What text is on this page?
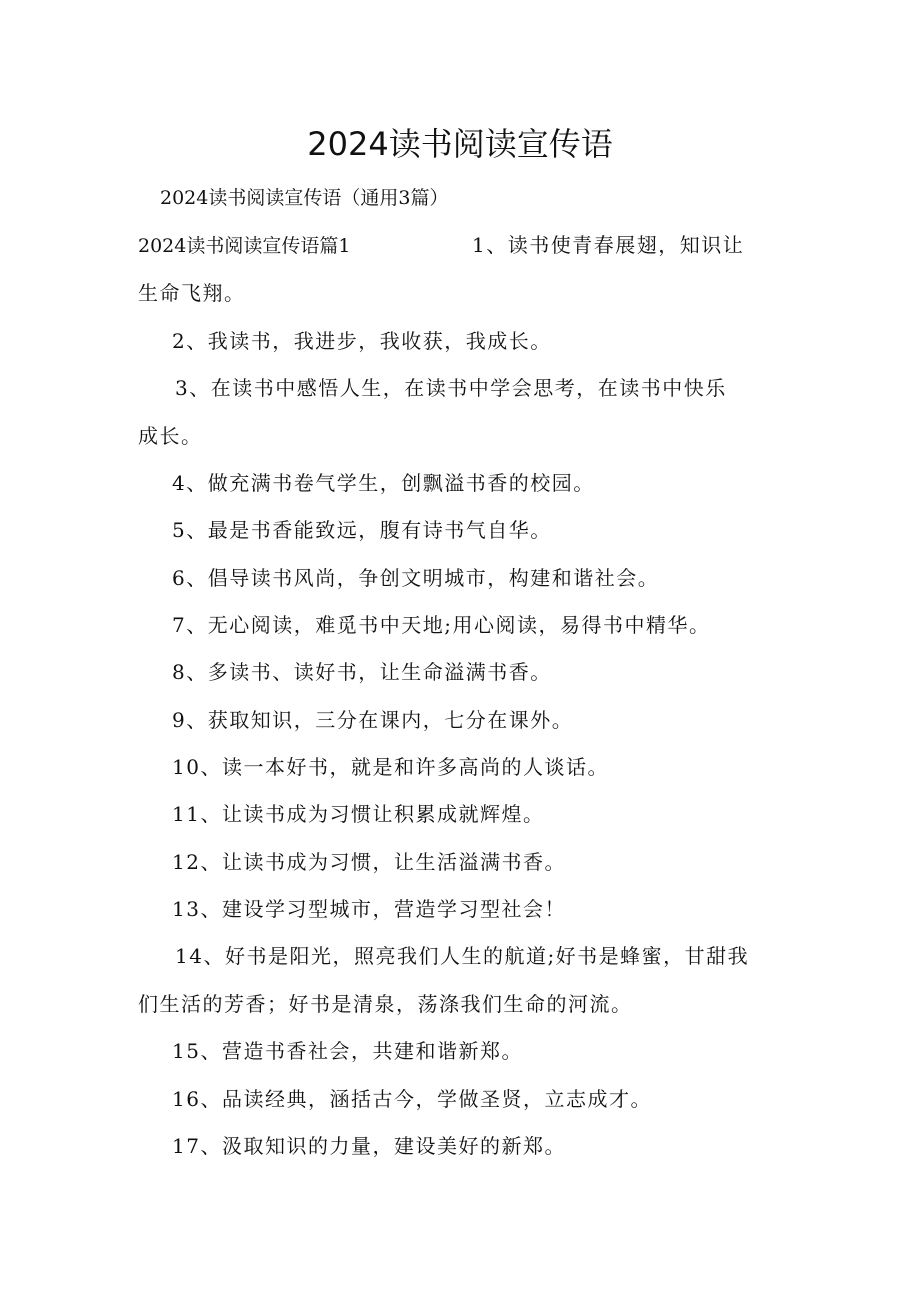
2024读书阅读宣传语
2024读书阅读宣传语（通用3篇）
2024读书阅读宣传语篇1	1、读书使青春展翅，知识让
生命飞翔。
2、我读书，我进步，我收获，我成长。
3、在读书中感悟人生，在读书中学会思考，在读书中快乐
成长。
4、做充满书卷气学生，创飘溢书香的校园。
5、最是书香能致远，腹有诗书气自华。
6、倡导读书风尚，争创文明城市，构建和谐社会。
7、无心阅读，难觅书中天地;用心阅读，易得书中精华。
8、多读书、读好书，让生命溢满书香。
9、获取知识，三分在课内，七分在课外。
10、读一本好书，就是和许多高尚的人谈话。
11、让读书成为习惯让积累成就辉煌。
12、让读书成为习惯，让生活溢满书香。
13、建设学习型城市，营造学习型社会！
14、好书是阳光，照亮我们人生的航道;好书是蜂蜜，甘甜我
们生活的芳香；好书是清泉，荡涤我们生命的河流。
15、营造书香社会，共建和谐新郑。
16、品读经典，涵括古今，学做圣贤，立志成才。
17、汲取知识的力量，建设美好的新郑。
